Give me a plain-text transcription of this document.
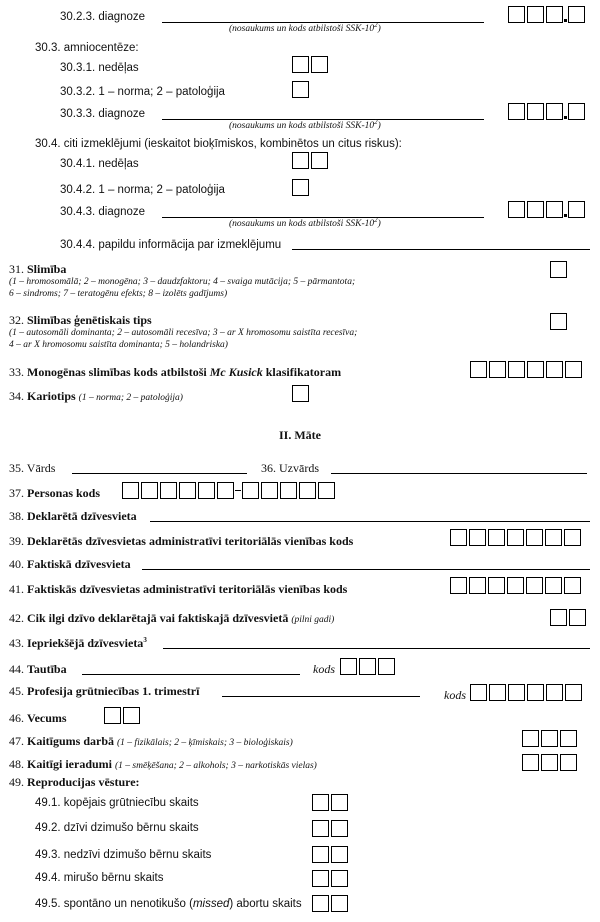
30.2.3. diagnoze
(nosaukums un kods atbilstoši SSK-$10^2$)
30.3. amniocentēze:
30.3.1. nedēļas
30.3.2. 1 – norma; 2 – patoloģija
30.3.3. diagnoze
(nosaukums un kods atbilstoši SSK-$10^2$)
30.4. citi izmeklējumi (ieskaitot bioķīmiskos, kombinētos un citus riskus):
30.4.1. nedēļas
30.4.2. 1 – norma; 2 – patoloģija
30.4.3. diagnoze
(nosaukums un kods atbilstoši SSK-$10^2$)
30.4.4. papildu informācija par izmeklējumu
31. Slimība
(1 – hromosomālā; 2 – monogēna; 3 – daudzfaktoru; 4 – svaiga mutācija; 5 – pārmantota;
6 – sindroms; 7 – teratogēnu efekts; 8 – izolēts gadījums)
32. Slimības ģenētiskais tips
(1 – autosomāli dominanta; 2 – autosomāli recesīva; 3 – ar X hromosomu saistīta recesīva;
4 – ar X hromosomu saistīta dominanta; 5 – holandriska)
33. Monogēnas slimības kods atbilstoši Mc Kusick klasifikatoram
34. Kariotips (1 – norma; 2 – patoloģija)
II. Māte
35. Vārds	36. Uzvārds
37. Personas kods
38. Deklarētā dzīvesvieta
39. Deklarētās dzīvesvietas administratīvi teritoriālās vienības kods
40. Faktiskā dzīvesvieta
41. Faktiskās dzīvesvietas administratīvi teritoriālās vienības kods
42. Cik ilgi dzīvo deklarētajā vai faktiskajā dzīvesvietā (pilni gadi)
43. Iepriekšējā dzīvesvieta$^3$
44. Tautība	kods
45. Profesija grūtniecības 1. trimestrī	kods
46. Vecums
47. Kaitīgums darbā (1 – fizikālais; 2 – ķīmiskais; 3 – bioloģiskais)
48. Kaitīgi ieradumi (1 – smēķēšana; 2 – alkohols; 3 – narkotiskās vielas)
49. Reproducijas vēsture:
49.1. kopējais grūtniecību skaits
49.2. dzīvi dzimušo bērnu skaits
49.3. nedzīvi dzimušo bērnu skaits
49.4. mirušo bērnu skaits
49.5. spontāno un nenotikušo (missed) abortu skaits
